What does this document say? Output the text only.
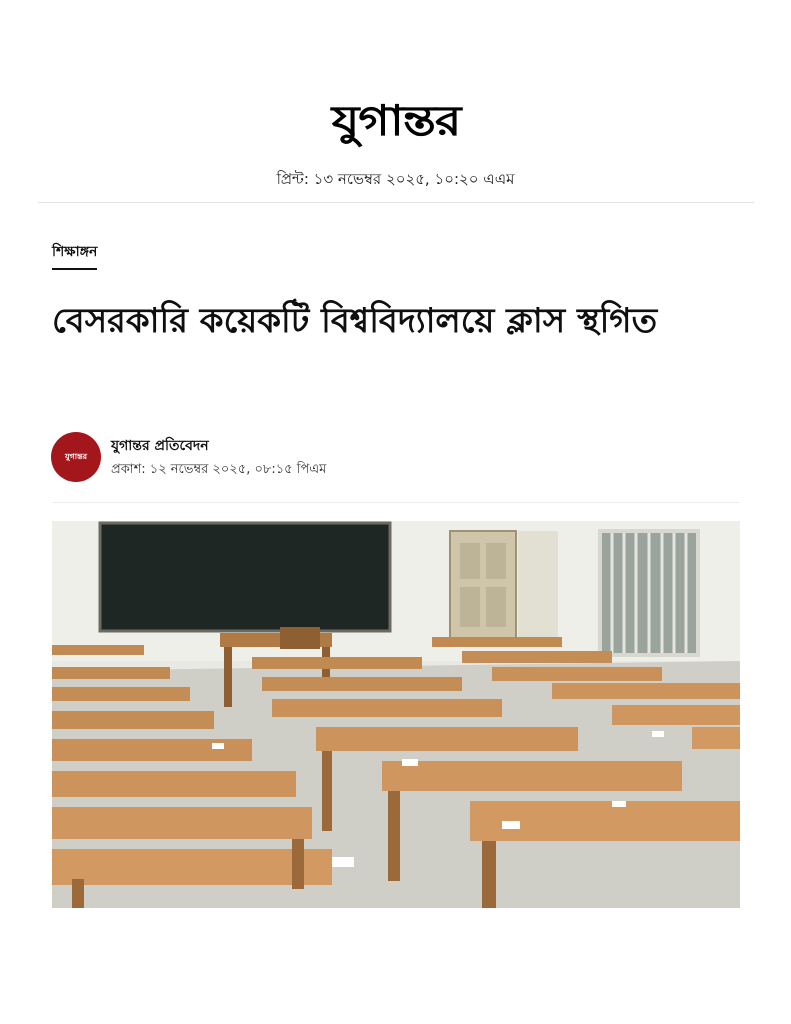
যুগান্তর
প্রিন্ট: ১৩ নভেম্বর ২০২৫, ১০:২০ এএম
শিক্ষাঙ্গন
বেসরকারি কয়েকটি বিশ্ববিদ্যালয়ে ক্লাস স্থগিত
যুগান্তর
যুগান্তর প্রতিবেদন
প্রকাশ: ১২ নভেম্বর ২০২৫, ০৮:১৫ পিএম
